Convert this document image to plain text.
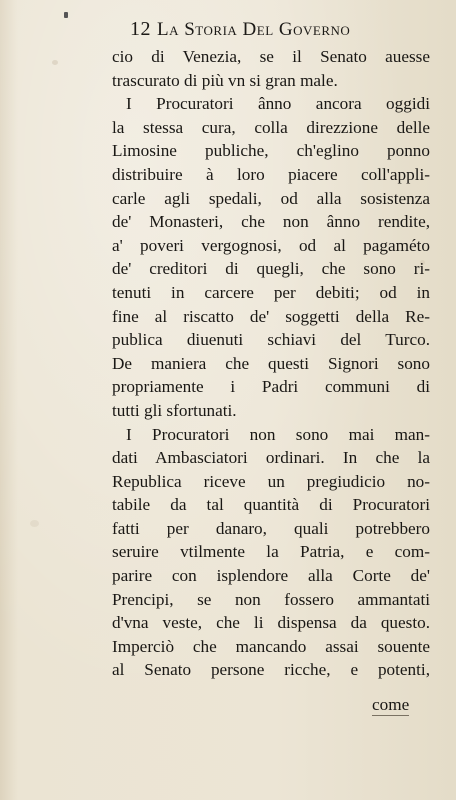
12 La Storia Del Governo
cio di Venezia, se il Senato auesse
trascurato di più vn si gran male.
I Procuratori ânno ancora oggidi
la stessa cura, colla direzzione delle
Limosine publiche, ch'eglino ponno
distribuire à loro piacere coll'appli-
carle agli spedali, od alla sosistenza
de' Monasteri, che non ânno rendite,
a' poveri vergognosi, od al pagaméto
de' creditori di quegli, che sono ri-
tenuti in carcere per debiti; od in
fine al riscatto de' soggetti della Re-
publica diuenuti schiavi del Turco.
De maniera che questi Signori sono
propriamente i Padri communi di
tutti gli sfortunati.
I Procuratori non sono mai man-
dati Ambasciatori ordinari. In che la
Republica riceve un pregiudicio no-
tabile da tal quantità di Procuratori
fatti per danaro, quali potrebbero
seruire vtilmente la Patria, e com-
parire con isplendore alla Corte de'
Prencipi, se non fossero ammantati
d'vna veste, che li dispensa da questo.
Imperciò che mancando assai souente
al Senato persone ricche, e potenti,
come
